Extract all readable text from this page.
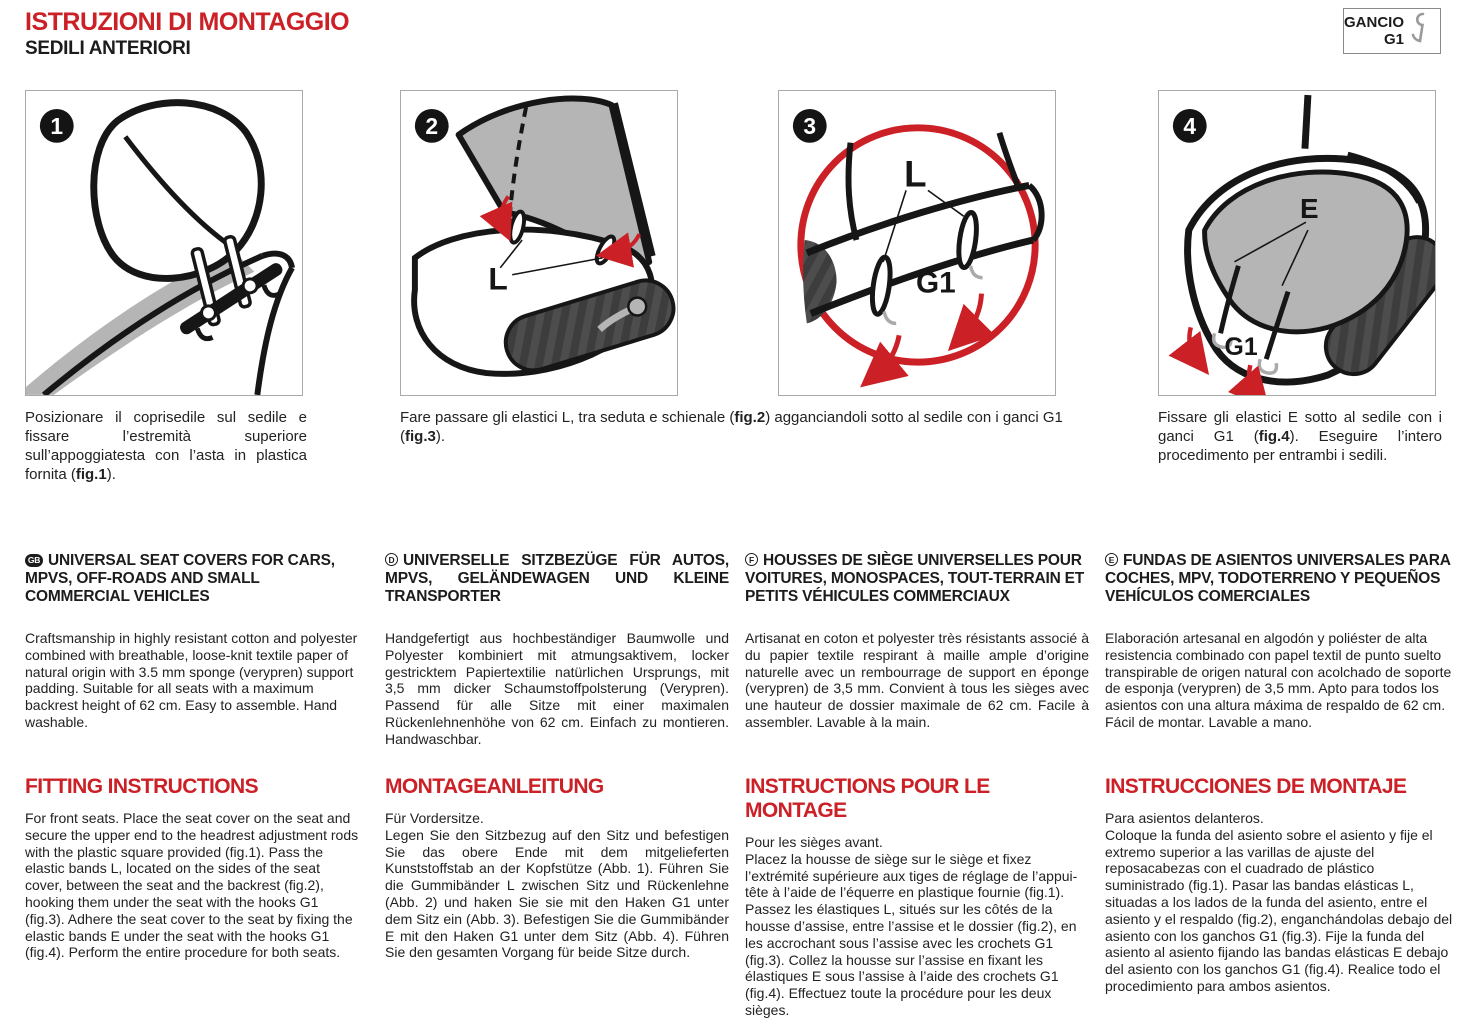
ISTRUZIONI DI MONTAGGIO
SEDILI ANTERIORI
GANCIO
G1
1
L
2
L
G1
3
E
G1
4
Posizionare il coprisedile sul sedile e fissare l’estremità superiore sull’appoggiatesta con l’asta in plastica fornita (fig.1).
Fare passare gli elastici L, tra seduta e schienale (fig.2) agganciandoli sotto al sedile con i ganci G1 (fig.3).
Fissare gli elastici E sotto al sedile con i ganci G1 (fig.4). Eseguire l’intero procedimento per entrambi i sedili.
GB UNIVERSAL SEAT COVERS FOR CARS, MPVS, OFF-ROADS AND SMALL COMMERCIAL VEHICLES
Craftsmanship in highly resistant cotton and polyester combined with breathable, loose-knit textile paper of natural origin with 3.5 mm sponge (verypren) support padding. Suitable for all seats with a maximum backrest height of 62 cm. Easy to assemble. Hand washable.
D UNIVERSELLE SITZBEZÜGE FÜR AUTOS, MPVS, GELÄNDEWAGEN UND KLEINE TRANSPORTER
Handgefertigt aus hochbeständiger Baumwolle und Polyester kombiniert mit atmungsaktivem, locker gestricktem Papiertextilie natürlichen Ursprungs, mit 3,5 mm dicker Schaumstoffpolsterung (Verypren). Passend für alle Sitze mit einer maximalen Rückenlehnenhöhe von 62 cm. Einfach zu montieren. Handwaschbar.
F HOUSSES DE SIÈGE UNIVERSELLES POUR VOITURES, MONOSPACES, TOUT-TERRAIN ET PETITS VÉHICULES COMMERCIAUX
Artisanat en coton et polyester très résistants associé à du papier textile respirant à maille ample d’origine naturelle avec un rembourrage de support en éponge (verypren) de 3,5 mm. Convient à tous les sièges avec une hauteur de dossier maximale de 62 cm. Facile à assembler. Lavable à la main.
E FUNDAS DE ASIENTOS UNIVERSALES PARA COCHES, MPV, TODOTERRENO Y PEQUEÑOS VEHÍCULOS COMERCIALES
Elaboración artesanal en algodón y poliéster de alta resistencia combinado con papel textil de punto suelto transpirable de origen natural con acolchado de soporte de esponja (verypren) de 3,5 mm. Apto para todos los asientos con una altura máxima de respaldo de 62 cm. Fácil de montar. Lavable a mano.
FITTING INSTRUCTIONS
For front seats. Place the seat cover on the seat and secure the upper end to the headrest adjustment rods with the plastic square provided (fig.1). Pass the elastic bands L, located on the sides of the seat cover, between the seat and the backrest (fig.2), hooking them under the seat with the hooks G1 (fig.3). Adhere the seat cover to the seat by fixing the elastic bands E under the seat with the hooks G1 (fig.4). Perform the entire procedure for both seats.
MONTAGEANLEITUNG
Für Vordersitze.
Legen Sie den Sitzbezug auf den Sitz und befestigen Sie das obere Ende mit dem mitgelieferten Kunststoffstab an der Kopfstütze (Abb. 1). Führen Sie die Gummibänder L zwischen Sitz und Rückenlehne (Abb. 2) und haken Sie sie mit den Haken G1 unter dem Sitz ein (Abb. 3). Befestigen Sie die Gummibänder E mit den Haken G1 unter dem Sitz (Abb. 4). Führen Sie den gesamten Vorgang für beide Sitze durch.
INSTRUCTIONS POUR LE MONTAGE
Pour les sièges avant.
Placez la housse de siège sur le siège et fixez l’extrémité supérieure aux tiges de réglage de l’appui-tête à l’aide de l’équerre en plastique fournie (fig.1). Passez les élastiques L, situés sur les côtés de la housse d’assise, entre l’assise et le dossier (fig.2), en les accrochant sous l’assise avec les crochets G1 (fig.3). Collez la housse sur l’assise en fixant les élastiques E sous l’assise à l’aide des crochets G1 (fig.4). Effectuez toute la procédure pour les deux sièges.
INSTRUCCIONES DE MONTAJE
Para asientos delanteros.
Coloque la funda del asiento sobre el asiento y fije el extremo superior a las varillas de ajuste del reposacabezas con el cuadrado de plástico suministrado (fig.1). Pasar las bandas elásticas L, situadas a los lados de la funda del asiento, entre el asiento y el respaldo (fig.2), enganchándolas debajo del asiento con los ganchos G1 (fig.3). Fije la funda del asiento al asiento fijando las bandas elásticas E debajo del asiento con los ganchos G1 (fig.4). Realice todo el procedimiento para ambos asientos.
